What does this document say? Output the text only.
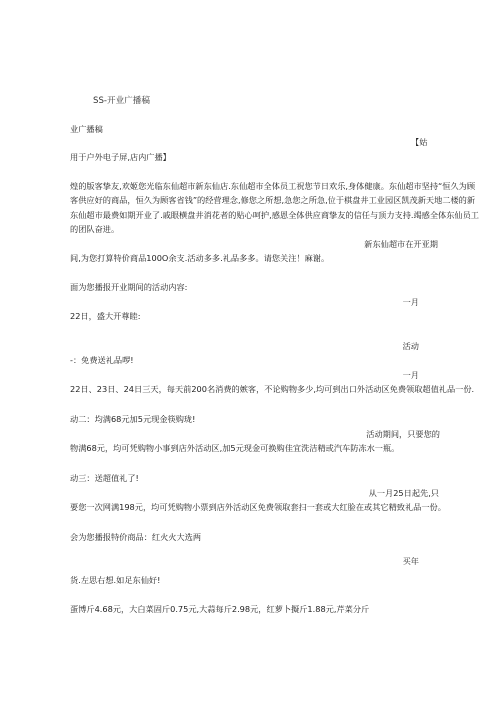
SS-开业广播稿
业广播稿
【姑
用于户外电子屏,店内广播】
煌的版客挚友,欢姬您光临东仙超市新东仙店.东仙超市全体员工祝您节日欢乐,身体健康。东仙超市坚持“恒久为顾
客供应好的商品，恒久为顾客省钱”的经营理念,修您之所想,急您之所急,位于棋盘井工业园区凯茂新天地二楼的新
东仙超市最费如期开业了.戚眼横盘井消花者的贴心呵护,感恩全体供应商挚友的信任与顶力支持.竭感全体东仙员工
的团队奋进。
新东仙超市在开亚期
间,为您打算特价商品100O余支.活动多多.礼品多多。请您关注！麻谢。
面为您播报开业期间的活动内容:
一月
22日，盛大开尊睦:
活动
-：免费送礼品啰!
一月
22日、23日、24日三天，每天前200名消费的嫉客，不论购物多少,均可到出口外活动区免费领取超值礼品一份.
动二：均满68元加5元现金筷购珑!
活动期间，只要您的
物满68元，均可凭购物小事到店外活动区,加5元现金可换购佳宜洗洁精或汽车防冻水一瓶。
动三：送超值礼了!
从一月25日起先,只
要您一次网满198元，均可凭购物小票到店外活动区免费领取套扫一套或大红脸在或其它精致礼品一份。
会为您播报特价商品：红火火大选两
买年
货.左思右想.如足东仙好!
蛋博斤4.68元，大白菜固斤0.75元,大蒜每斤2.98元，红萝卜擬斤1.88元,芹菜分斤
